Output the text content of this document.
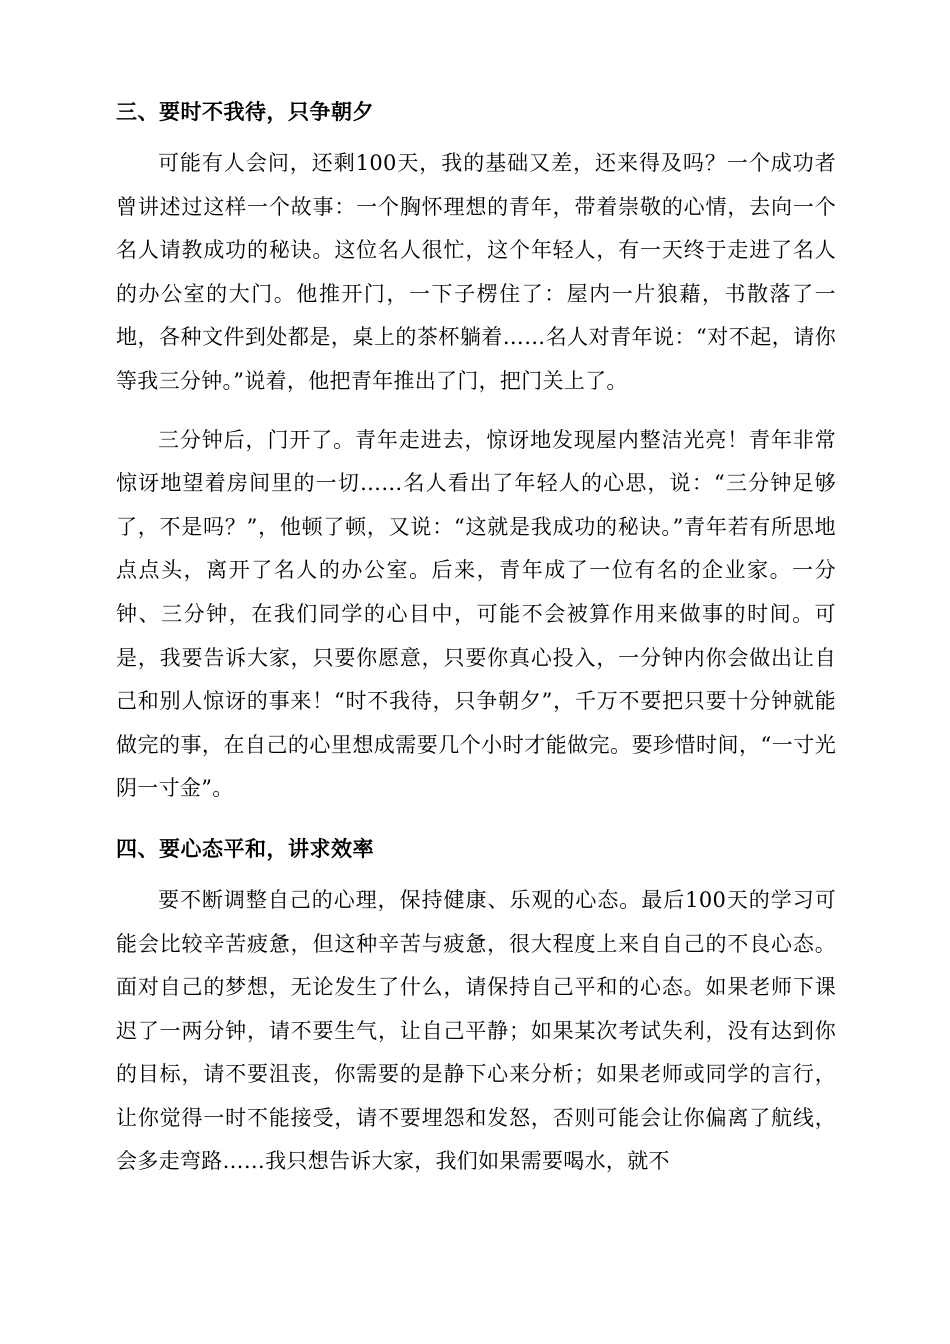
三、要时不我待，只争朝夕

可能有人会问，还剩100天，我的基础又差，还来得及吗？一个成功者曾讲述过这样一个故事：一个胸怀理想的青年，带着崇敬的心情，去向一个名人请教成功的秘诀。这位名人很忙，这个年轻人，有一天终于走进了名人的办公室的大门。他推开门，一下子楞住了：屋内一片狼藉，书散落了一地，各种文件到处都是，桌上的茶杯躺着……名人对青年说：“对不起，请你等我三分钟。”说着，他把青年推出了门，把门关上了。

三分钟后，门开了。青年走进去，惊讶地发现屋内整洁光亮！青年非常惊讶地望着房间里的一切……名人看出了年轻人的心思，说：“三分钟足够了，不是吗？”，他顿了顿，又说：“这就是我成功的秘诀。”青年若有所思地点点头，离开了名人的办公室。后来，青年成了一位有名的企业家。一分钟、三分钟，在我们同学的心目中，可能不会被算作用来做事的时间。可是，我要告诉大家，只要你愿意，只要你真心投入，一分钟内你会做出让自己和别人惊讶的事来！“时不我待，只争朝夕”，千万不要把只要十分钟就能做完的事，在自己的心里想成需要几个小时才能做完。要珍惜时间，“一寸光阴一寸金”。

四、要心态平和，讲求效率

要不断调整自己的心理，保持健康、乐观的心态。最后100天的学习可能会比较辛苦疲惫，但这种辛苦与疲惫，很大程度上来自自己的不良心态。面对自己的梦想，无论发生了什么，请保持自己平和的心态。如果老师下课迟了一两分钟，请不要生气，让自己平静；如果某次考试失利，没有达到你的目标，请不要沮丧，你需要的是静下心来分析；如果老师或同学的言行，让你觉得一时不能接受，请不要埋怨和发怒，否则可能会让你偏离了航线，会多走弯路……我只想告诉大家，我们如果需要喝水，就不
